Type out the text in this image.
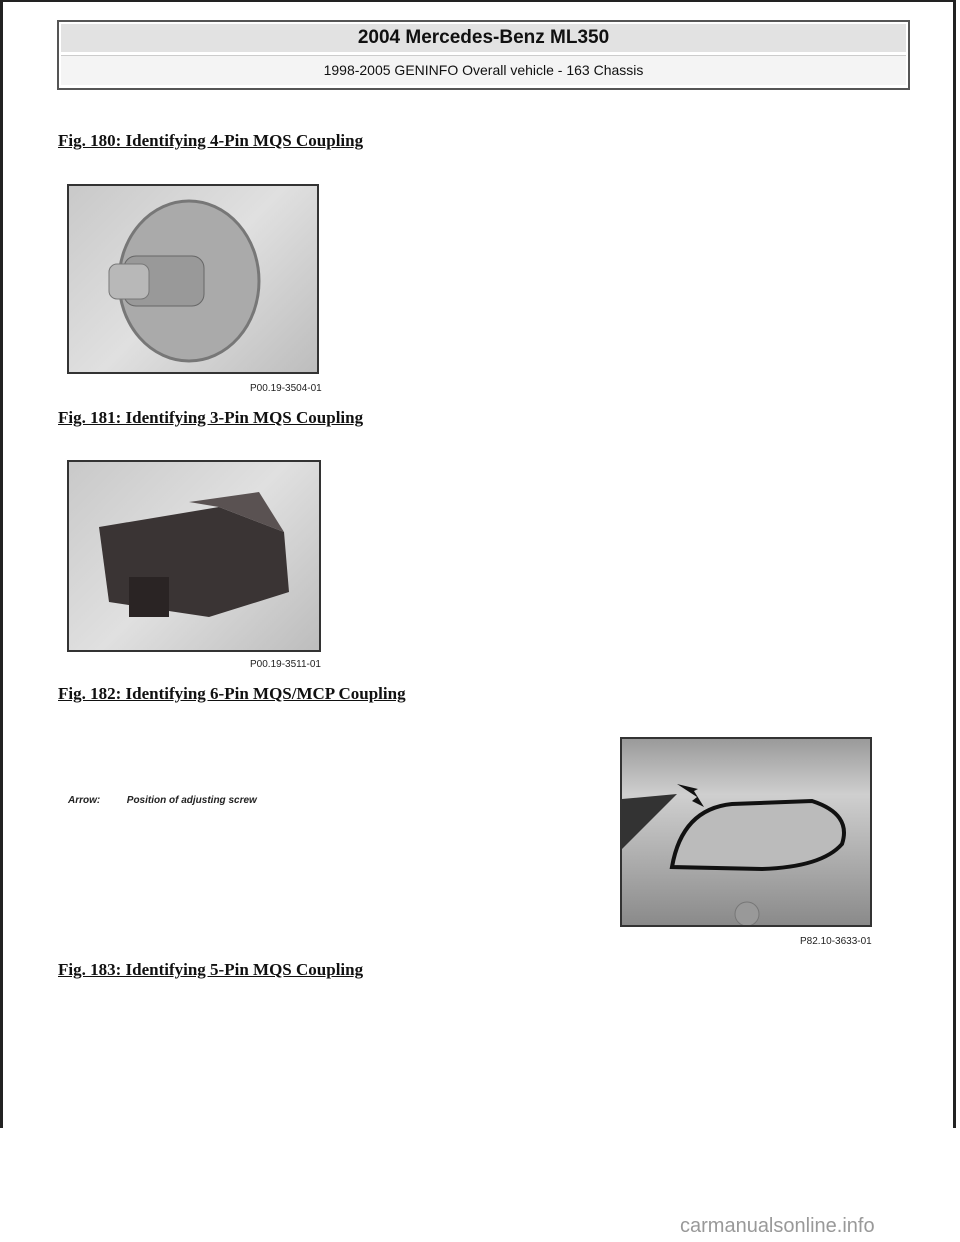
2004 Mercedes-Benz ML350
1998-2005 GENINFO Overall vehicle - 163 Chassis
Fig. 180: Identifying 4-Pin MQS Coupling
P00.19-3504-01
Fig. 181: Identifying 3-Pin MQS Coupling
P00.19-3511-01
Fig. 182: Identifying 6-Pin MQS/MCP Coupling
Arrow:	Position of adjusting screw
P82.10-3633-01
Fig. 183: Identifying 5-Pin MQS Coupling
carmanualsonline.info
